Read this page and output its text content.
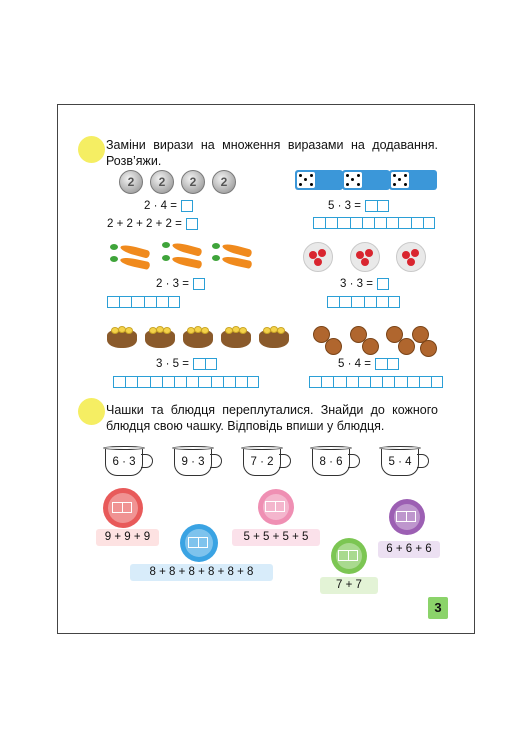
Заміни вирази на множення виразами на додавання. Розв’яжи.
2	2	2	2
2 · 4 =
2 + 2 + 2 + 2 =
5 · 3 =
2 · 3 =	3 · 3 =
3 · 5 =	5 · 4 =
Чашки та блюдця переплуталися. Знайди до кожного блюдця свою чашку. Відповідь впиши у блюдця.
6 · 3	9 · 3	7 · 2	8 · 6	5 · 4
9 + 9 + 9
8 + 8 + 8 + 8 + 8 + 8
5 + 5 + 5 + 5
7 + 7
6 + 6 + 6
3
